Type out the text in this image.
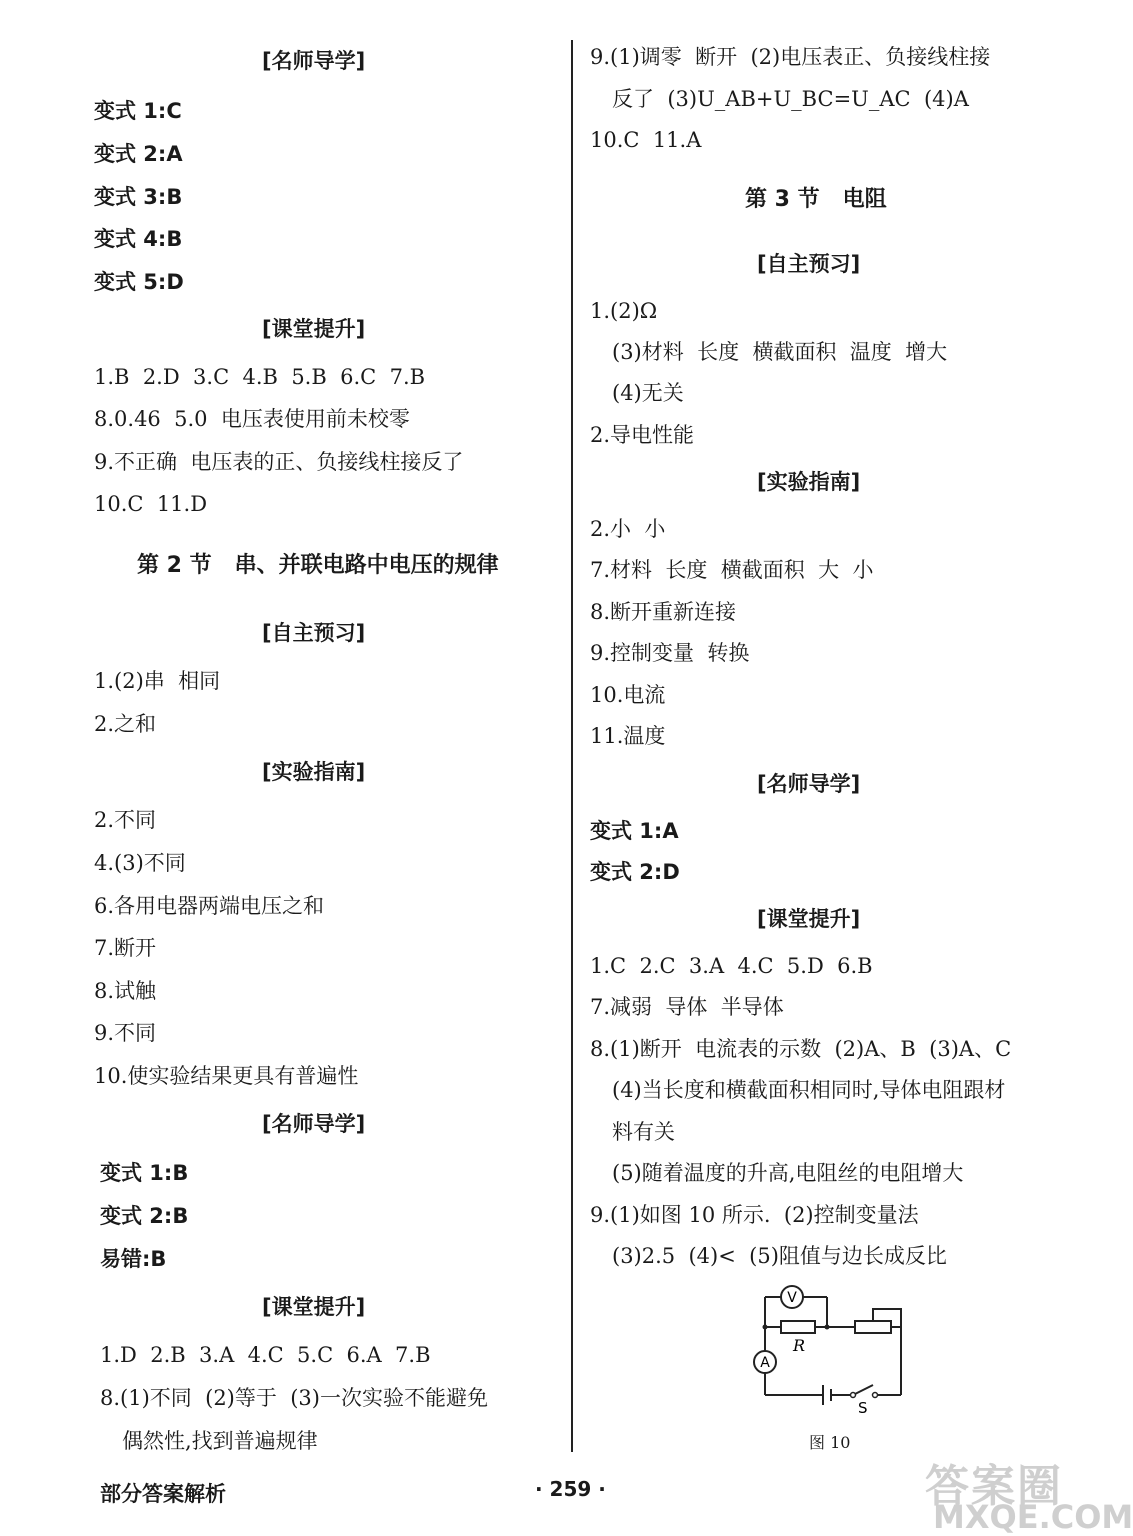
[名师导学]
变式 1:C
变式 2:A
变式 3:B
变式 4:B
变式 5:D
[课堂提升]
1.B  2.D  3.C  4.B  5.B  6.C  7.B
8.0.46  5.0  电压表使用前未校零
9.不正确  电压表的正、负接线柱接反了
10.C  11.D
第 2 节   串、并联电路中电压的规律
[自主预习]
1.(2)串  相同
2.之和
[实验指南]
2.不同
4.(3)不同
6.各用电器两端电压之和
7.断开
8.试触
9.不同
10.使实验结果更具有普遍性
[名师导学]
变式 1:B
变式 2:B
易错:B
[课堂提升]
1.D  2.B  3.A  4.C  5.C  6.A  7.B
8.(1)不同  (2)等于  (3)一次实验不能避免
偶然性,找到普遍规律
9.(1)调零  断开  (2)电压表正、负接线柱接
反了  (3)U_AB+U_BC=U_AC  (4)A
10.C  11.A
第 3 节   电阻
[自主预习]
1.(2)Ω
(3)材料  长度  横截面积  温度  增大
(4)无关
2.导电性能
[实验指南]
2.小  小
7.材料  长度  横截面积  大  小
8.断开重新连接
9.控制变量  转换
10.电流
11.温度
[名师导学]
变式 1:A
变式 2:D
[课堂提升]
1.C  2.C  3.A  4.C  5.D  6.B
7.减弱  导体  半导体
8.(1)断开  电流表的示数  (2)A、B  (3)A、C
(4)当长度和横截面积相同时,导体电阻跟材
料有关
(5)随着温度的升高,电阻丝的电阻增大
9.(1)如图 10 所示.  (2)控制变量法
(3)2.5  (4)<  (5)阻值与边长成反比
V
A
R
S
图 10
部分答案解析	· 259 ·	答案圈
MXQE.COM
